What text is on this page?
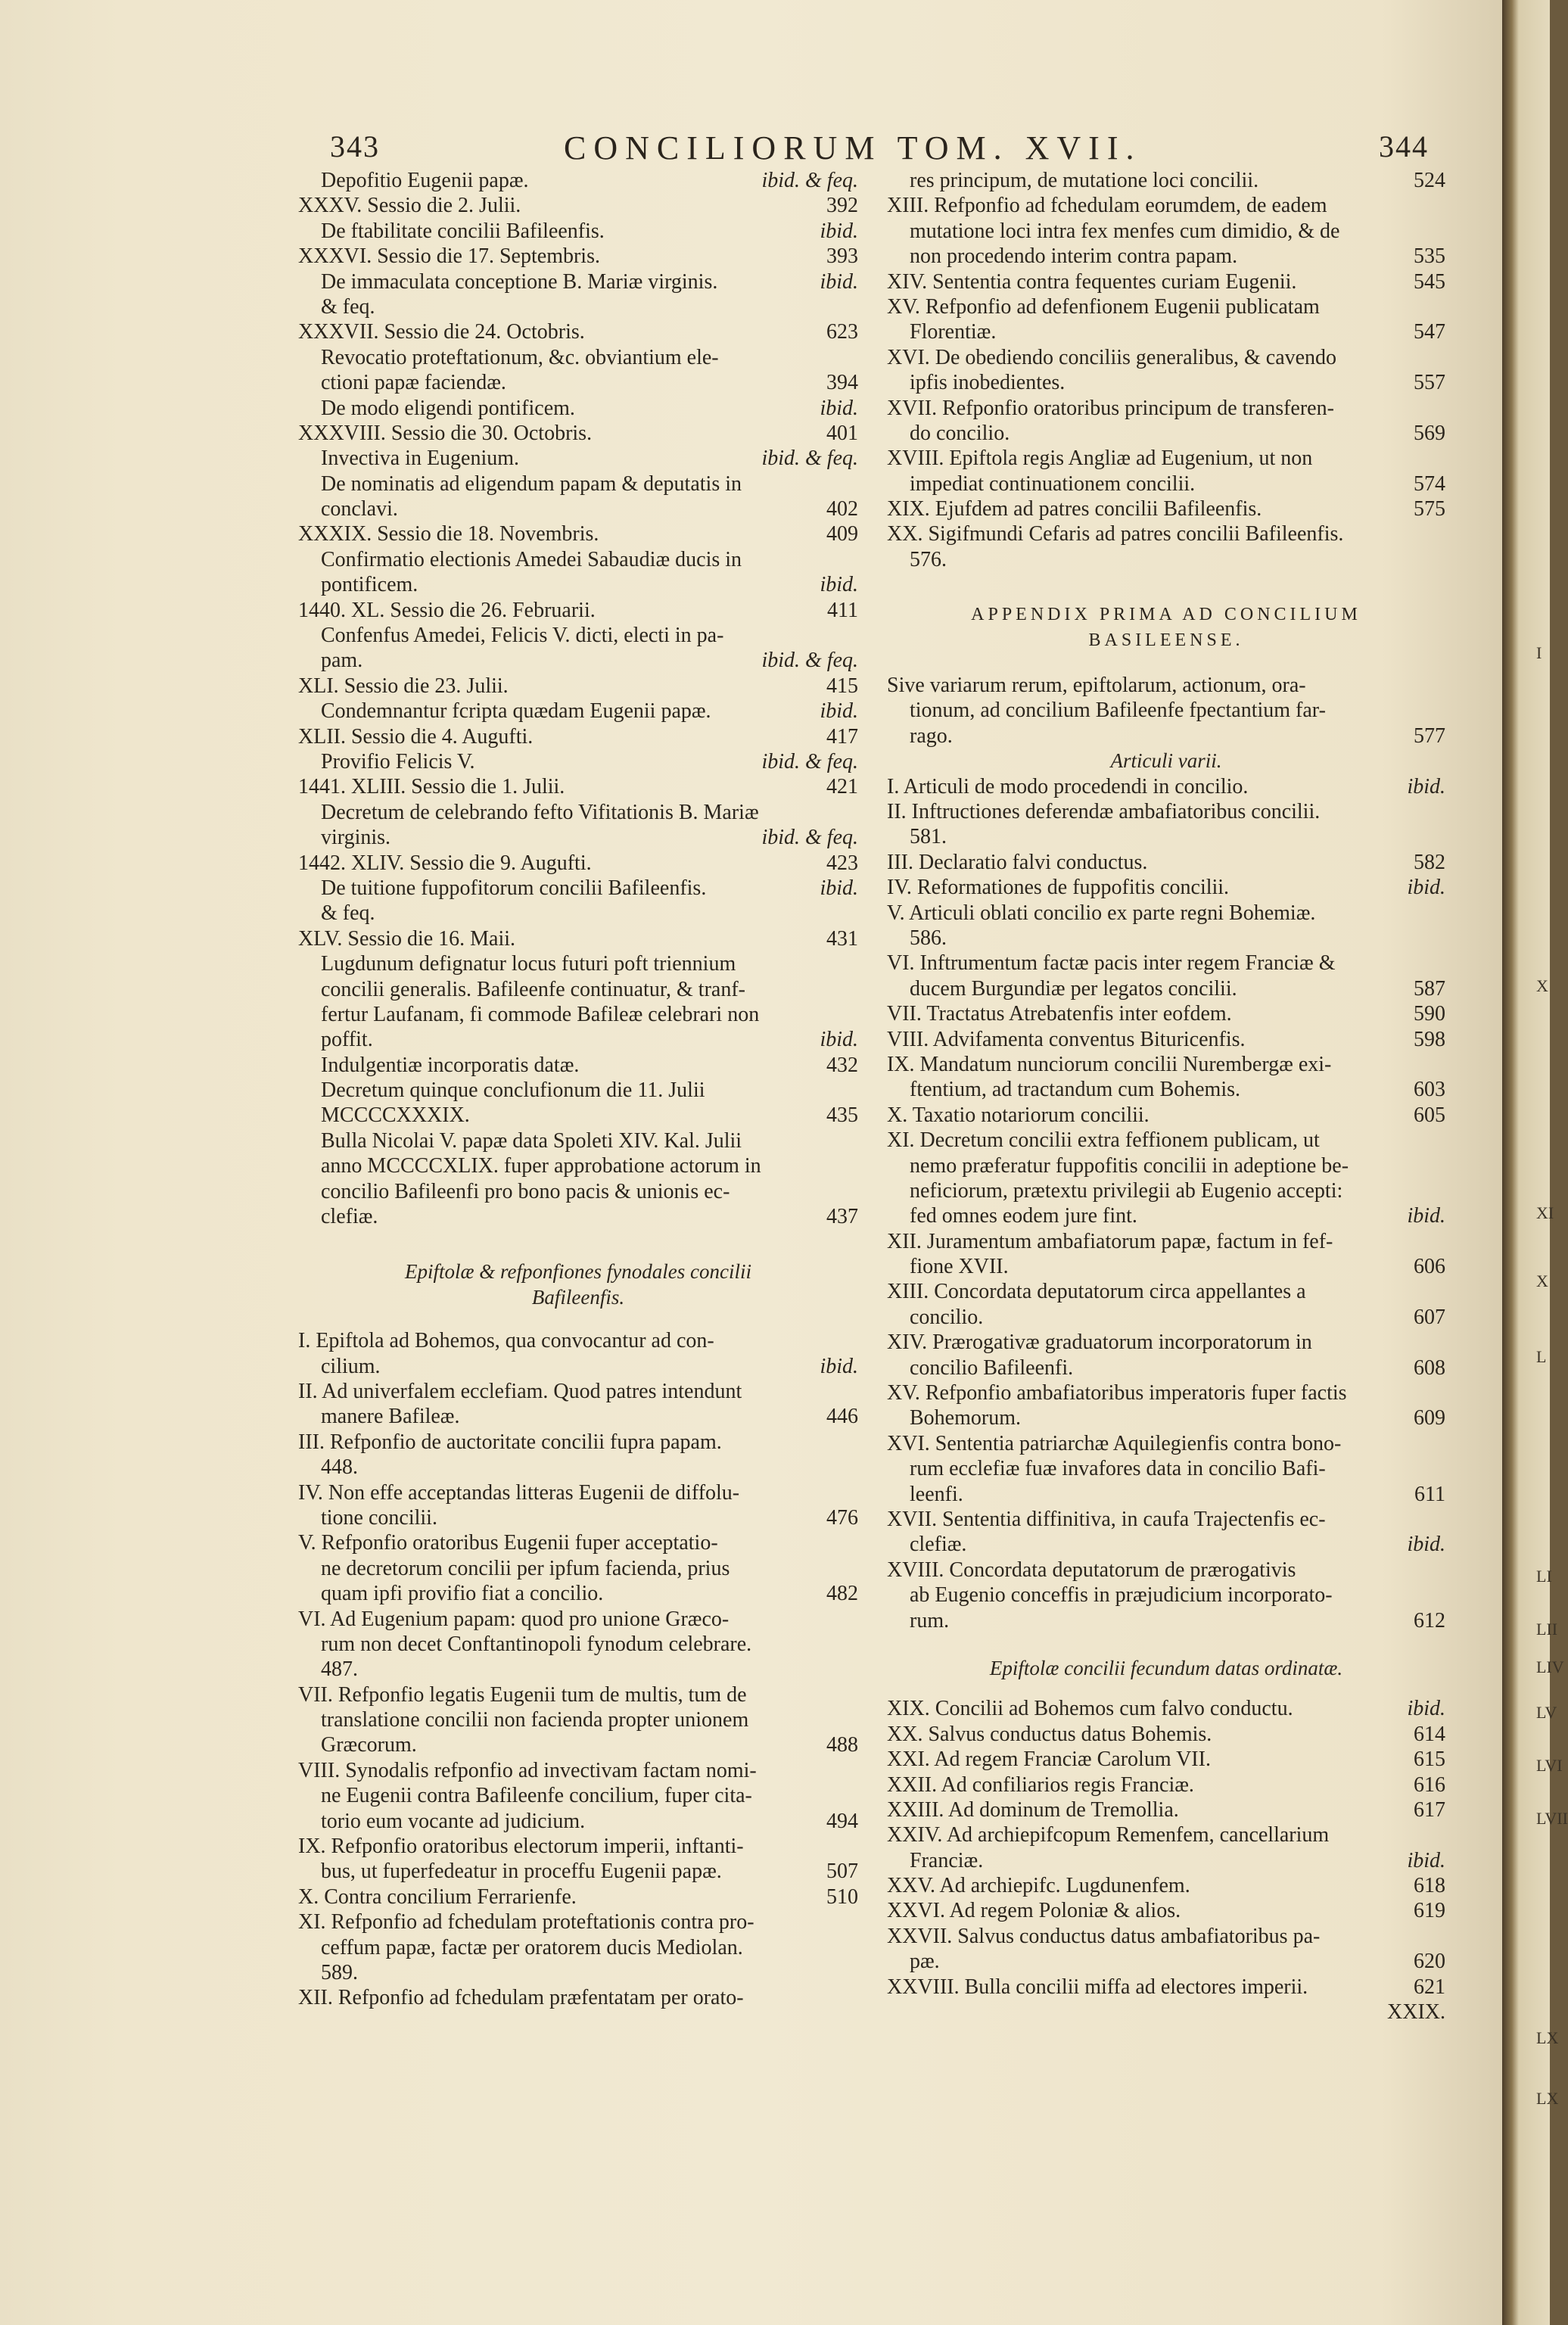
343	CONCILIORUM TOM. XVII.	344
Depofitio Eugenii papæ.	ibid. & feq.
XXXV. Sessio die 2. Julii.	392
De ftabilitate concilii Bafileenfis.	ibid.
XXXVI. Sessio die 17. Septembris.	393
De immaculata conceptione B. Mariæ virginis.	ibid.
& feq.
XXXVII. Sessio die 24. Octobris.	623
Revocatio proteftationum, &c. obviantium ele-
ctioni papæ faciendæ.	394
De modo eligendi pontificem.	ibid.
XXXVIII. Sessio die 30. Octobris.	401
Invectiva in Eugenium.	ibid. & feq.
De nominatis ad eligendum papam & deputatis in
conclavi.	402
XXXIX. Sessio die 18. Novembris.	409
Confirmatio electionis Amedei Sabaudiæ ducis in
pontificem.	ibid.
1440. XL. Sessio die 26. Februarii.	411
Confenfus Amedei, Felicis V. dicti, electi in pa-
pam.	ibid. & feq.
XLI. Sessio die 23. Julii.	415
Condemnantur fcripta quædam Eugenii papæ.	ibid.
XLII. Sessio die 4. Augufti.	417
Provifio Felicis V.	ibid. & feq.
1441. XLIII. Sessio die 1. Julii.	421
Decretum de celebrando fefto Vifitationis B. Mariæ
virginis.	ibid. & feq.
1442. XLIV. Sessio die 9. Augufti.	423
De tuitione fuppofitorum concilii Bafileenfis.	ibid.
& feq.
XLV. Sessio die 16. Maii.	431
Lugdunum defignatur locus futuri poft triennium
concilii generalis. Bafileenfe continuatur, & tranf-
fertur Laufanam, fi commode Bafileæ celebrari non
poffit.	ibid.
Indulgentiæ incorporatis datæ.	432
Decretum quinque conclufionum die 11. Julii
MCCCCXXXIX.	435
Bulla Nicolai V. papæ data Spoleti XIV. Kal. Julii
anno MCCCCXLIX. fuper approbatione actorum in
concilio Bafileenfi pro bono pacis & unionis ec-
clefiæ.	437
Epiftolæ & refponfiones fynodales concilii
Bafileenfis.
I. Epiftola ad Bohemos, qua convocantur ad con-
cilium.	ibid.
II. Ad univerfalem ecclefiam. Quod patres intendunt
manere Bafileæ.	446
III. Refponfio de auctoritate concilii fupra papam.
448.
IV. Non effe acceptandas litteras Eugenii de diffolu-
tione concilii.	476
V. Refponfio oratoribus Eugenii fuper acceptatio-
ne decretorum concilii per ipfum facienda, prius
quam ipfi provifio fiat a concilio.	482
VI. Ad Eugenium papam: quod pro unione Græco-
rum non decet Conftantinopoli fynodum celebrare.
487.
VII. Refponfio legatis Eugenii tum de multis, tum de
translatione concilii non facienda propter unionem
Græcorum.	488
VIII. Synodalis refponfio ad invectivam factam nomi-
ne Eugenii contra Bafileenfe concilium, fuper cita-
torio eum vocante ad judicium.	494
IX. Refponfio oratoribus electorum imperii, inftanti-
bus, ut fuperfedeatur in proceffu Eugenii papæ.	507
X. Contra concilium Ferrarienfe.	510
XI. Refponfio ad fchedulam proteftationis contra pro-
ceffum papæ, factæ per oratorem ducis Mediolan.
589.
XII. Refponfio ad fchedulam præfentatam per orato-
res principum, de mutatione loci concilii.	524
XIII. Refponfio ad fchedulam eorumdem, de eadem
mutatione loci intra fex menfes cum dimidio, & de
non procedendo interim contra papam.	535
XIV. Sententia contra fequentes curiam Eugenii.	545
XV. Refponfio ad defenfionem Eugenii publicatam
Florentiæ.	547
XVI. De obediendo conciliis generalibus, & cavendo
ipfis inobedientes.	557
XVII. Refponfio oratoribus principum de transferen-
do concilio.	569
XVIII. Epiftola regis Angliæ ad Eugenium, ut non
impediat continuationem concilii.	574
XIX. Ejufdem ad patres concilii Bafileenfis.	575
XX. Sigifmundi Cefaris ad patres concilii Bafileenfis.
576.
APPENDIX PRIMA AD CONCILIUM
BASILEENSE.
Sive variarum rerum, epiftolarum, actionum, ora-
tionum, ad concilium Bafileenfe fpectantium far-
rago.	577
Articuli varii.
I. Articuli de modo procedendi in concilio.	ibid.
II. Inftructiones deferendæ ambafiatoribus concilii.
581.
III. Declaratio falvi conductus.	582
IV. Reformationes de fuppofitis concilii.	ibid.
V. Articuli oblati concilio ex parte regni Bohemiæ.
586.
VI. Inftrumentum factæ pacis inter regem Franciæ &
ducem Burgundiæ per legatos concilii.	587
VII. Tractatus Atrebatenfis inter eofdem.	590
VIII. Advifamenta conventus Bituricenfis.	598
IX. Mandatum nunciorum concilii Nurembergæ exi-
ftentium, ad tractandum cum Bohemis.	603
X. Taxatio notariorum concilii.	605
XI. Decretum concilii extra feffionem publicam, ut
nemo præferatur fuppofitis concilii in adeptione be-
neficiorum, prætextu privilegii ab Eugenio accepti:
fed omnes eodem jure fint.	ibid.
XII. Juramentum ambafiatorum papæ, factum in fef-
fione XVII.	606
XIII. Concordata deputatorum circa appellantes a
concilio.	607
XIV. Prærogativæ graduatorum incorporatorum in
concilio Bafileenfi.	608
XV. Refponfio ambafiatoribus imperatoris fuper factis
Bohemorum.	609
XVI. Sententia patriarchæ Aquilegienfis contra bono-
rum ecclefiæ fuæ invafores data in concilio Bafi-
leenfi.	611
XVII. Sententia diffinitiva, in caufa Trajectenfis ec-
clefiæ.	ibid.
XVIII. Concordata deputatorum de prærogativis
ab Eugenio conceffis in præjudicium incorporato-
rum.	612
Epiftolæ concilii fecundum datas ordinatæ.
XIX. Concilii ad Bohemos cum falvo conductu.	ibid.
XX. Salvus conductus datus Bohemis.	614
XXI. Ad regem Franciæ Carolum VII.	615
XXII. Ad confiliarios regis Franciæ.	616
XXIII. Ad dominum de Tremollia.	617
XXIV. Ad archiepifcopum Remenfem, cancellarium
Franciæ.	ibid.
XXV. Ad archiepifc. Lugdunenfem.	618
XXVI. Ad regem Poloniæ & alios.	619
XXVII. Salvus conductus datus ambafiatoribus pa-
pæ.	620
XXVIII. Bulla concilii miffa ad electores imperii.	621
XXIX.
I
X
XI
X
L
LI
LII
LIV
LV
LVI
LVII
LX
LX
